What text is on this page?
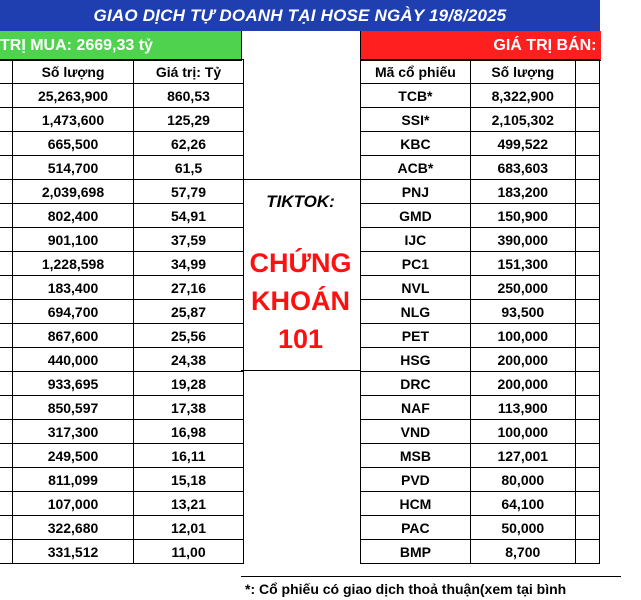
GIAO DỊCH TỰ DOANH TẠI HOSE NGÀY 19/8/2025
TRỊ MUA: 2669,33 tỷ	GIÁ TRỊ BÁN: 1391,
TIKTOK:
CHỨNG
KHOÁN
101
	Số lượng	Giá trị: Tỷ
	25,263,900	860,53
	1,473,600	125,29
	665,500	62,26
	514,700	61,5
	2,039,698	57,79
	802,400	54,91
	901,100	37,59
	1,228,598	34,99
	183,400	27,16
	694,700	25,87
	867,600	25,56
	440,000	24,38
	933,695	19,28
	850,597	17,38
	317,300	16,98
	249,500	16,11
	811,099	15,18
	107,000	13,21
	322,680	12,01
	331,512	11,00
Mã cổ phiếu	Số lượng	
TCB*	8,322,900	
SSI*	2,105,302	
KBC	499,522	
ACB*	683,603	
PNJ	183,200	
GMD	150,900	
IJC	390,000	
PC1	151,300	
NVL	250,000	
NLG	93,500	
PET	100,000	
HSG	200,000	
DRC	200,000	
NAF	113,900	
VND	100,000	
MSB	127,001	
PVD	80,000	
HCM	64,100	
PAC	50,000	
BMP	8,700	
*: Cổ phiếu có giao dịch thoả thuận(xem tại bình
